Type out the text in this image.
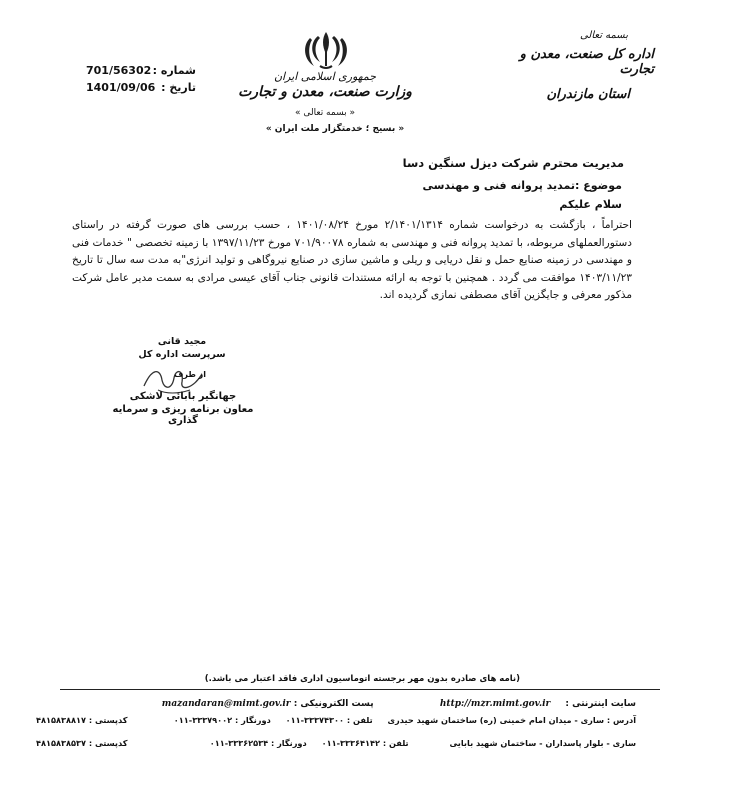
جمهوری اسلامی ایران
وزارت صنعت، معدن و تجارت
« بسمه تعالی »
« بسیج ؛ خدمتگزار ملت ایران »
701/56302 شماره :
1401/09/06 تاریخ :
بسمه تعالی
اداره کل صنعت، معدن و تجارت
استان مازندران
مدیریت محترم شرکت دیزل سنگین دسا
موضوع :تمدید پروانه فنی و مهندسی
سلام علیکم
احتراماً ، بازگشت به درخواست شماره ۲/۱۴۰۱/۱۳۱۴ مورخ ۱۴۰۱/۰۸/۲۴ ، حسب بررسی های صورت گرفته در راستای دستورالعملهای مربوطه، با تمدید پروانه فنی و مهندسی به شماره ۷۰۱/۹۰۰۷۸ مورخ ۱۳۹۷/۱۱/۲۳ با زمینه تخصصی " خدمات فنی و مهندسی در زمینه صنایع حمل و نقل دریایی و ریلی و ماشین سازی در صنایع نیروگاهی و تولید انرژی"به مدت سه سال تا تاریخ ۱۴۰۳/۱۱/۲۳ موافقت می گردد . همچنین با توجه به ارائه مستندات قانونی جناب آقای عیسی مرادی به سمت مدیر عامل شرکت مذکور معرفی و جایگزین آقای مصطفی نمازی گردیده اند.
مجید قانی
سرپرست اداره کل
از طرف
جهانگیر بابائی لاشکی
معاون برنامه ریزی و سرمایه گذاری
(نامه های صادره بدون مهر برجسته اتوماسیون اداری فاقد اعتبار می باشد.)
سایت اینترنتی : http://mzr.mimt.gov.ir  پست الکترونیکی : mazandaran@mimt.gov.ir
آدرس : ساری - میدان امام خمینی (ره) ساختمان شهید حیدری تلفن : ۳۳۳۷۴۳۰۰-۰۱۱ دورنگار : ۳۳۳۷۹۰۰۲-۰۱۱
کدپستی : ۴۸۱۵۸۳۸۸۱۷
ساری - بلوار پاسداران - ساختمان شهید بابایی تلفن : ۳۳۳۶۴۱۴۲-۰۱۱ دورنگار : ۳۳۳۶۲۵۳۴-۰۱۱
کدپستی : ۴۸۱۵۸۳۸۵۳۷
